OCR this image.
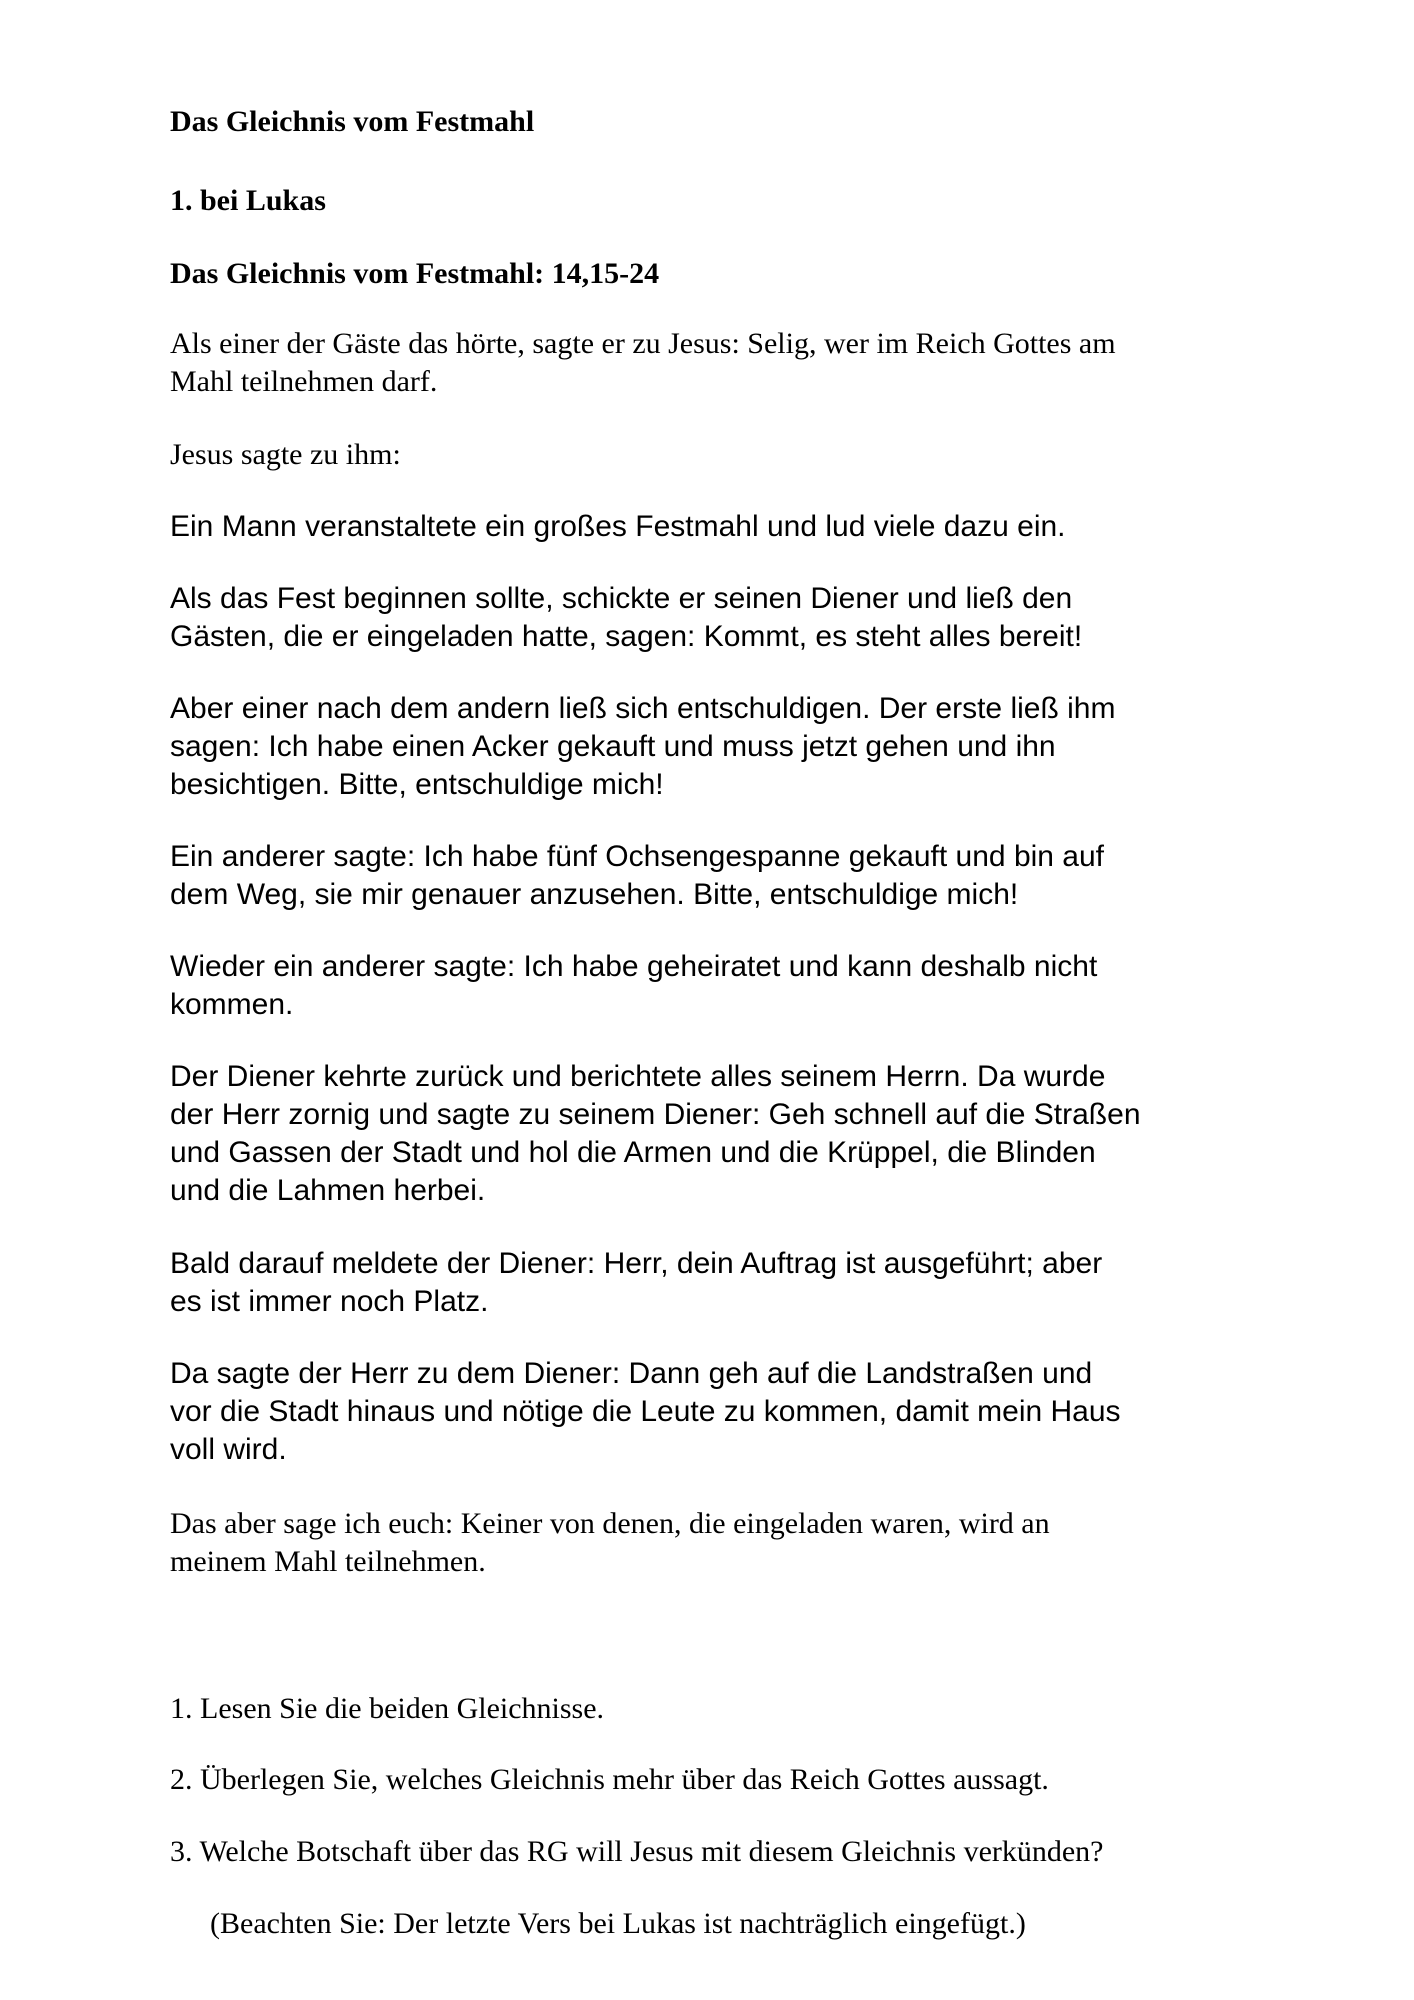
Das Gleichnis vom Festmahl
1. bei Lukas
Das Gleichnis vom Festmahl: 14,15-24
Als einer der Gäste das hörte, sagte er zu Jesus: Selig, wer im Reich Gottes am
Mahl teilnehmen darf.
Jesus sagte zu ihm:
Ein Mann veranstaltete ein großes Festmahl und lud viele dazu ein.
Als das Fest beginnen sollte, schickte er seinen Diener und ließ den
Gästen, die er eingeladen hatte, sagen: Kommt, es steht alles bereit!
Aber einer nach dem andern ließ sich entschuldigen. Der erste ließ ihm
sagen: Ich habe einen Acker gekauft und muss jetzt gehen und ihn
besichtigen. Bitte, entschuldige mich!
Ein anderer sagte: Ich habe fünf Ochsengespanne gekauft und bin auf
dem Weg, sie mir genauer anzusehen. Bitte, entschuldige mich!
Wieder ein anderer sagte: Ich habe geheiratet und kann deshalb nicht
kommen.
Der Diener kehrte zurück und berichtete alles seinem Herrn. Da wurde
der Herr zornig und sagte zu seinem Diener: Geh schnell auf die Straßen
und Gassen der Stadt und hol die Armen und die Krüppel, die Blinden
und die Lahmen herbei.
Bald darauf meldete der Diener: Herr, dein Auftrag ist ausgeführt; aber
es ist immer noch Platz.
Da sagte der Herr zu dem Diener: Dann geh auf die Landstraßen und
vor die Stadt hinaus und nötige die Leute zu kommen, damit mein Haus
voll wird.
Das aber sage ich euch: Keiner von denen, die eingeladen waren, wird an
meinem Mahl teilnehmen.
1. Lesen Sie die beiden Gleichnisse.
2. Überlegen Sie, welches Gleichnis mehr über das Reich Gottes aussagt.
3. Welche Botschaft über das RG will Jesus mit diesem Gleichnis verkünden?
(Beachten Sie: Der letzte Vers bei Lukas ist nachträglich eingefügt.)
